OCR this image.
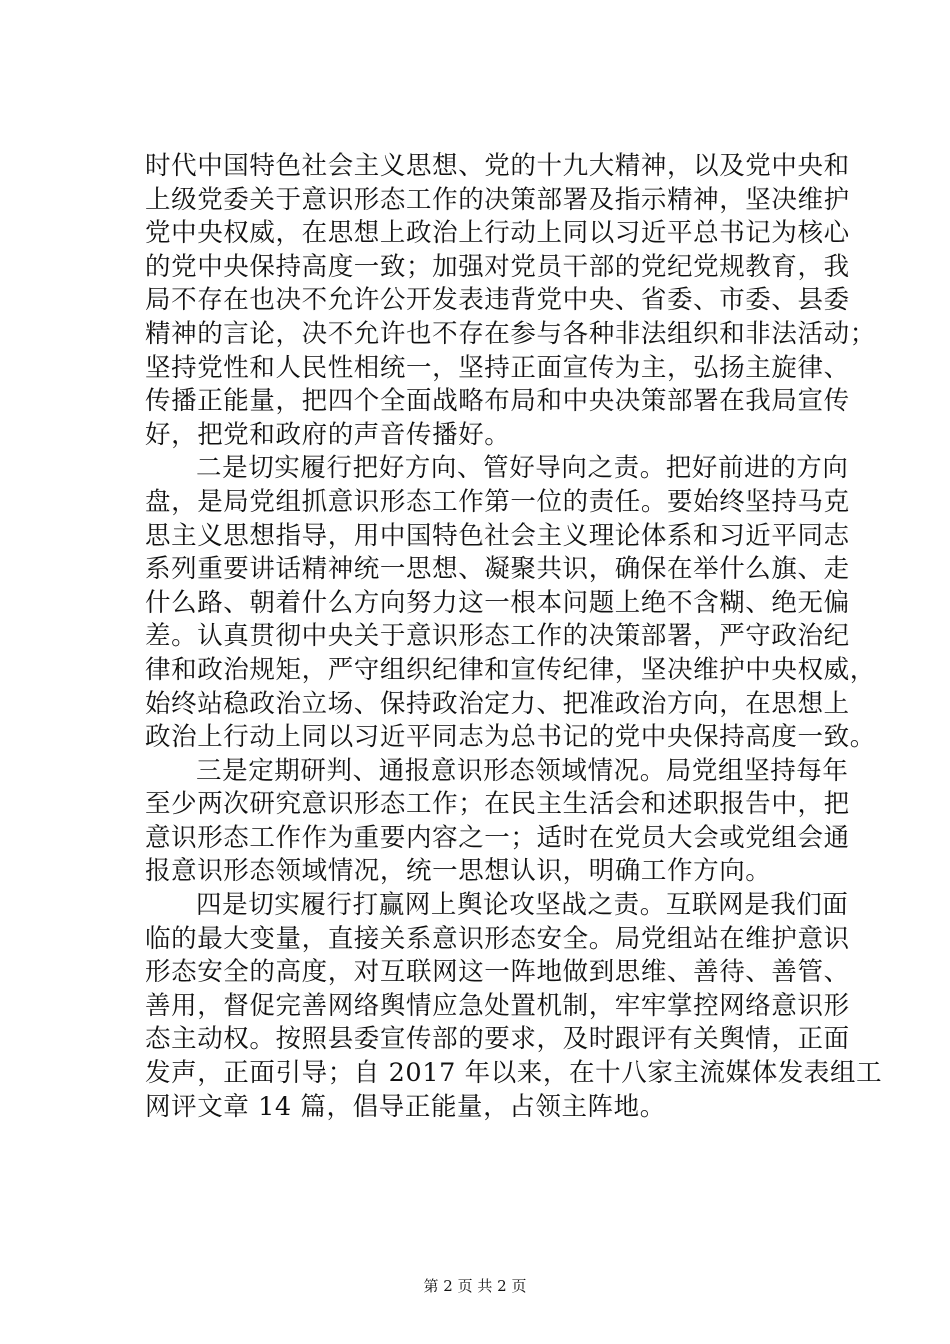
时代中国特色社会主义思想、党的十九大精神，以及党中央和
上级党委关于意识形态工作的决策部署及指示精神，坚决维护
党中央权威，在思想上政治上行动上同以习近平总书记为核心
的党中央保持高度一致；加强对党员干部的党纪党规教育，我
局不存在也决不允许公开发表违背党中央、省委、市委、县委
精神的言论，决不允许也不存在参与各种非法组织和非法活动；
坚持党性和人民性相统一，坚持正面宣传为主，弘扬主旋律、
传播正能量，把四个全面战略布局和中央决策部署在我局宣传
好，把党和政府的声音传播好。
二是切实履行把好方向、管好导向之责。把好前进的方向
盘，是局党组抓意识形态工作第一位的责任。要始终坚持马克
思主义思想指导，用中国特色社会主义理论体系和习近平同志
系列重要讲话精神统一思想、凝聚共识，确保在举什么旗、走
什么路、朝着什么方向努力这一根本问题上绝不含糊、绝无偏
差。认真贯彻中央关于意识形态工作的决策部署，严守政治纪
律和政治规矩，严守组织纪律和宣传纪律，坚决维护中央权威，
始终站稳政治立场、保持政治定力、把准政治方向，在思想上
政治上行动上同以习近平同志为总书记的党中央保持高度一致。
三是定期研判、通报意识形态领域情况。局党组坚持每年
至少两次研究意识形态工作；在民主生活会和述职报告中，把
意识形态工作作为重要内容之一；适时在党员大会或党组会通
报意识形态领域情况，统一思想认识，明确工作方向。
四是切实履行打赢网上舆论攻坚战之责。互联网是我们面
临的最大变量，直接关系意识形态安全。局党组站在维护意识
形态安全的高度，对互联网这一阵地做到思维、善待、善管、
善用，督促完善网络舆情应急处置机制，牢牢掌控网络意识形
态主动权。按照县委宣传部的要求，及时跟评有关舆情，正面
发声，正面引导；自 2017 年以来，在十八家主流媒体发表组工
网评文章 14 篇，倡导正能量，占领主阵地。
第 2 页 共 2 页
